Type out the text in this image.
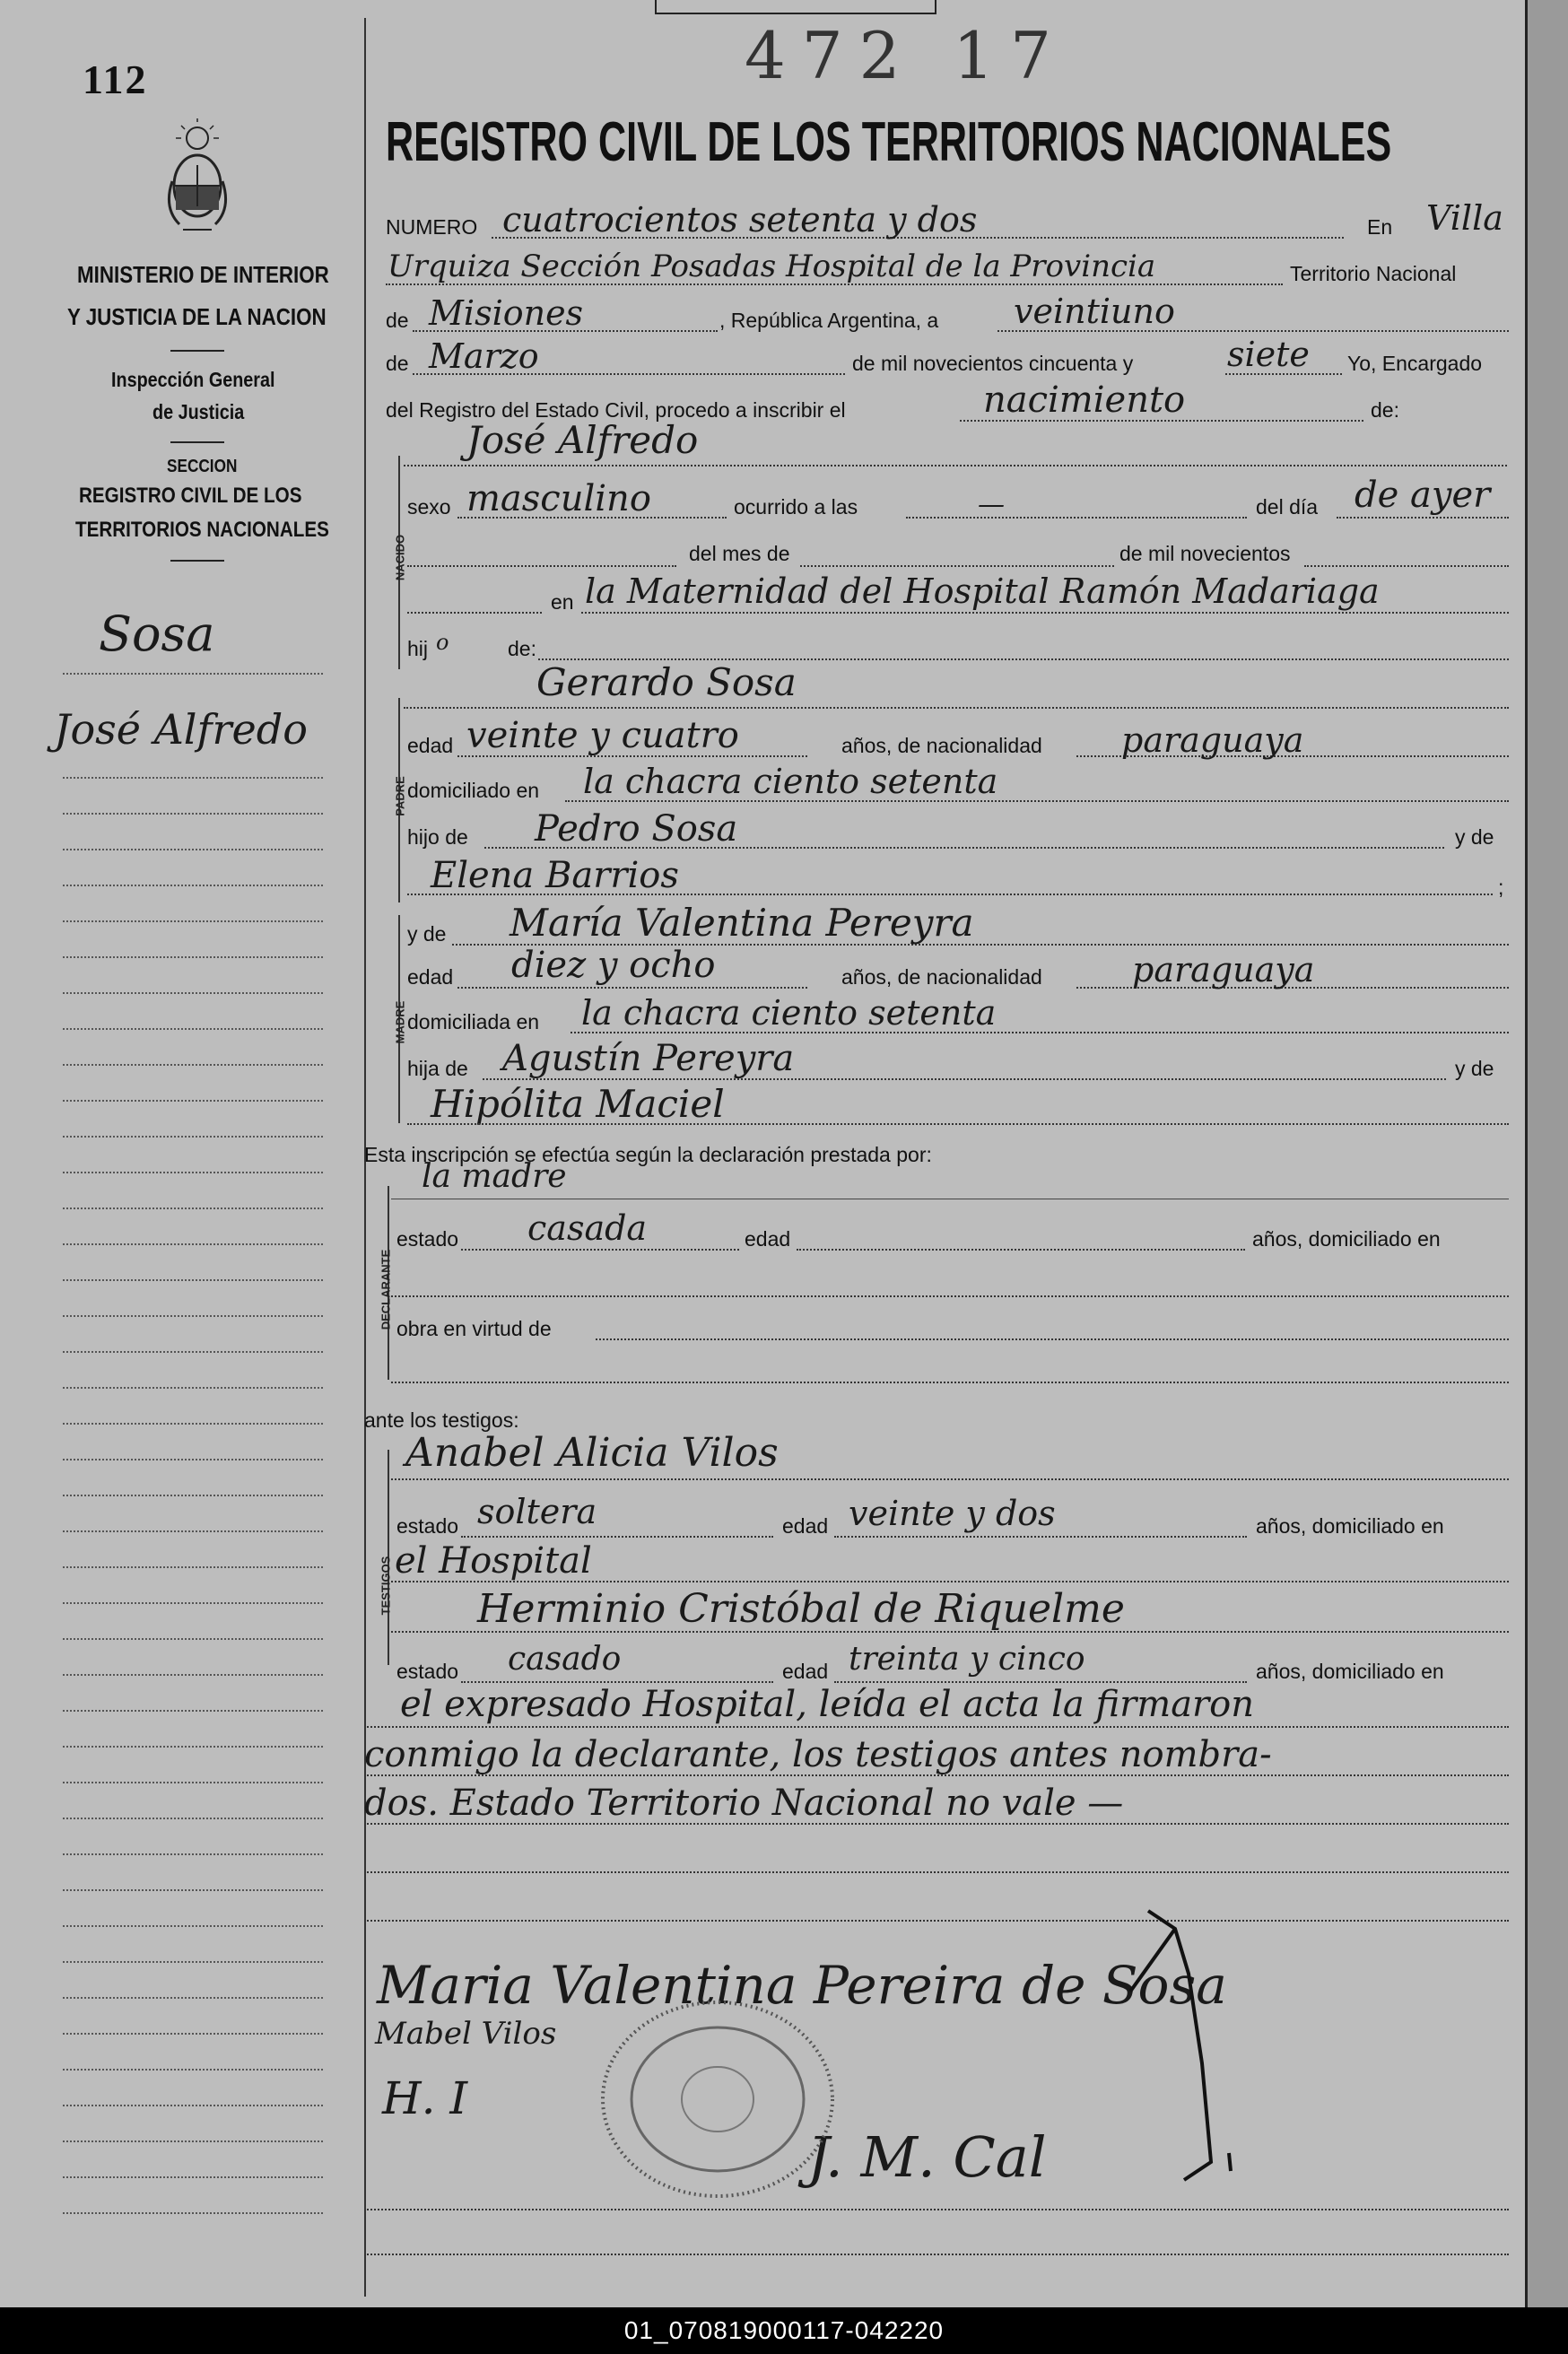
112
MINISTERIO DE INTERIOR
Y JUSTICIA DE LA NACION
Inspección General
de Justicia
SECCION
REGISTRO CIVIL DE LOS
TERRITORIOS NACIONALES
Sosa
José Alfredo
472 17
REGISTRO CIVIL DE LOS TERRITORIOS NACIONALES
NUMERO cuatrocientos setenta y dos	En Villa
Urquiza Sección Posadas Hospital de la Provincia	Territorio Nacional
de Misiones	, República Argentina, a veintiuno
de Marzo	de mil novecientos cincuenta y	siete Yo, Encargado
del Registro del Estado Civil, procedo a inscribir el	nacimiento	de:
NACIDO
José Alfredo
sexo masculino	ocurrido a las	—	del día de ayer
del mes de	de mil novecientos
en la Maternidad del Hospital Ramón Madariaga
hij o	de:
PADRE
Gerardo Sosa
edad veinte y cuatro	años, de nacionalidad paraguaya
domiciliado en la chacra ciento setenta
hijo de Pedro Sosa	y de
Elena Barrios	;
MADRE
y de María Valentina Pereyra
edad diez y ocho	años, de nacionalidad	paraguaya
domiciliada en la chacra ciento setenta
hija de Agustín Pereyra	y de
Hipólita Maciel
Esta inscripción se efectúa según la declaración prestada por:
DECLARANTE
la madre
estado casada	edad	años, domiciliado en
obra en virtud de
ante los testigos:
TESTIGOS
Anabel Alicia Vilos
estado soltera	edad veinte y dos	años, domiciliado en
el Hospital
Herminio Cristóbal de Riquelme
estado casado	edad treinta y cinco	años, domiciliado en
el expresado Hospital, leída el acta la firmaron
conmigo la declarante, los testigos antes nombra-
dos. Estado Territorio Nacional no vale —
Maria Valentina Pereira de Sosa
Mabel Vilos
H. I
J. M. Cal
01_070819000117-042220
